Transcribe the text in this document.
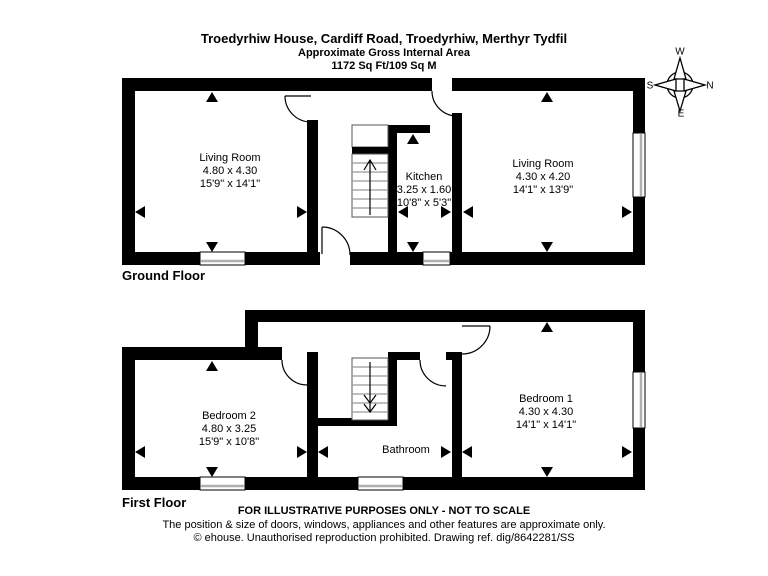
Troedyrhiw House, Cardiff Road, Troedyrhiw, Merthyr Tydfil
Approximate Gross Internal Area
1172 Sq Ft/109 Sq M
W
S	N
E
Living Room
4.80 x 4.30
15'9" x 14'1"
Kitchen
3.25 x 1.60
10'8" x 5'3"
Living Room
4.30 x 4.20
14'1" x 13'9"
Bedroom 2
4.80 x 3.25
15'9" x 10'8"
Bathroom
Bedroom 1
4.30 x 4.30
14'1" x 14'1"
Ground Floor
First Floor
FOR ILLUSTRATIVE PURPOSES ONLY - NOT TO SCALE
The position & size of doors, windows, appliances and other features are approximate only.
© ehouse. Unauthorised reproduction prohibited. Drawing ref. dig/8642281/SS
